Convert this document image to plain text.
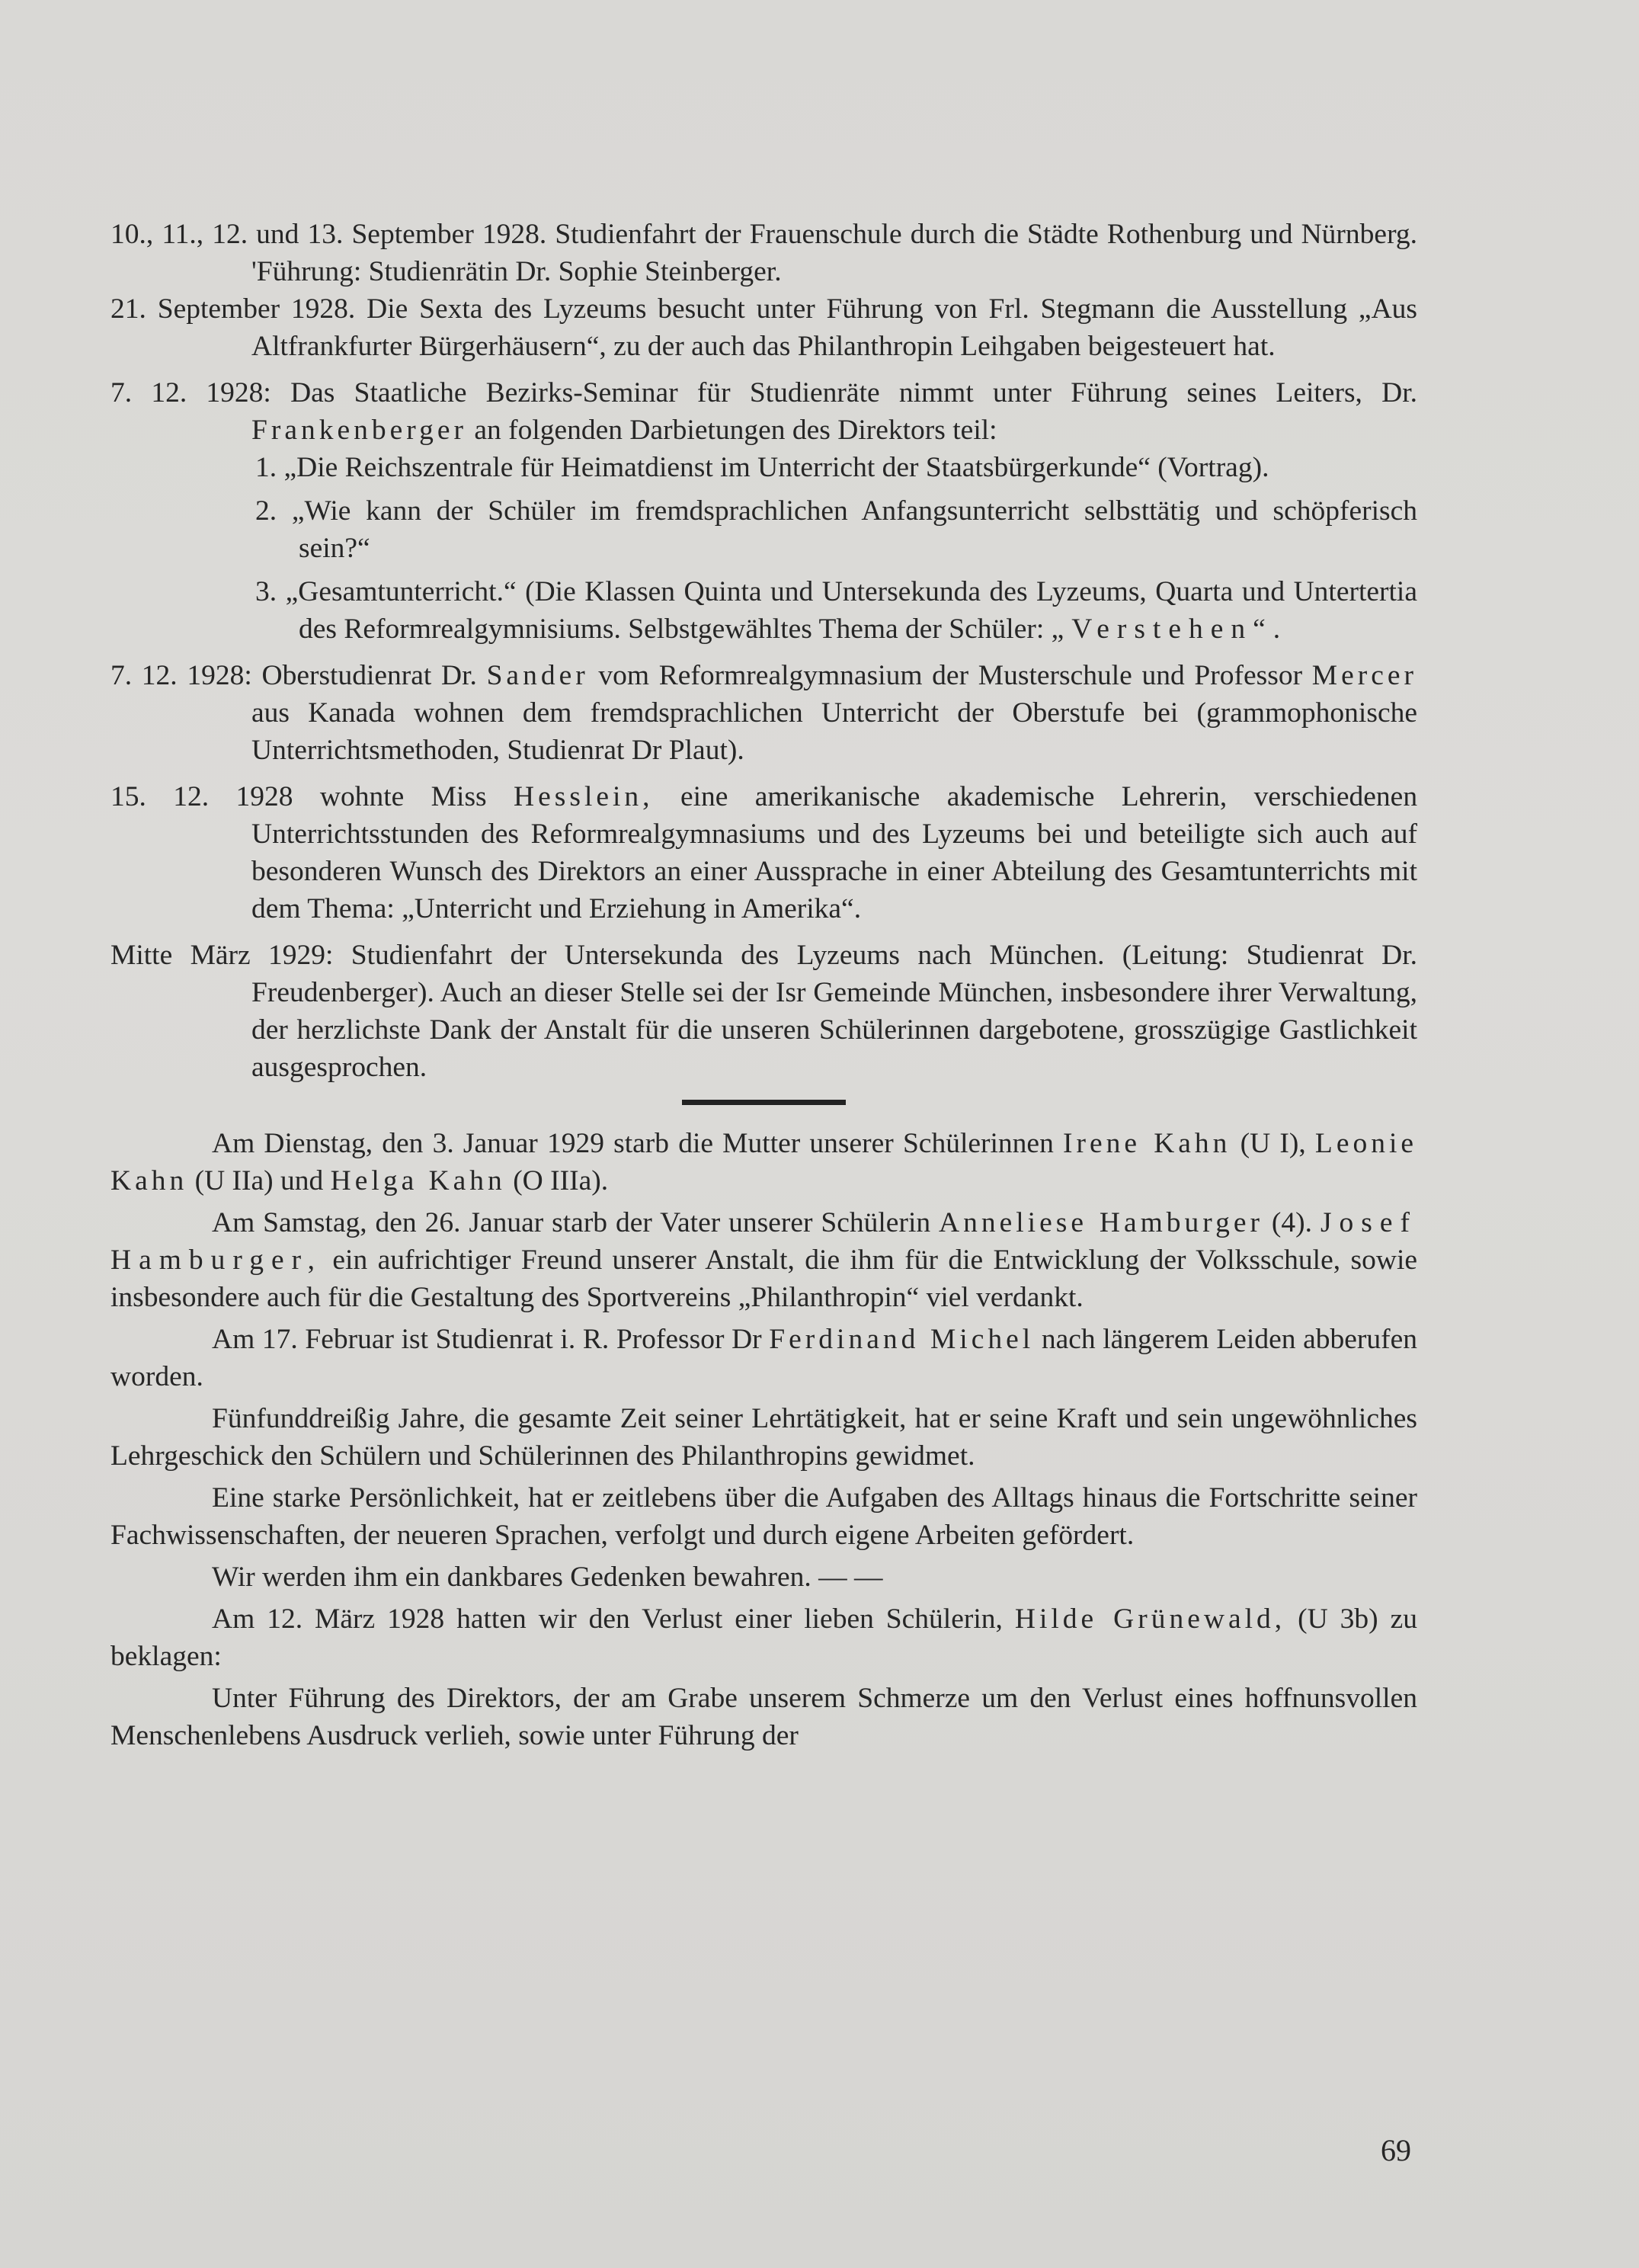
10., 11., 12. und 13. September 1928. Studienfahrt der Frauenschule durch die Städte Rothenburg und Nürnberg. 'Führung: Studienrätin Dr. Sophie Steinberger.
21. September 1928. Die Sexta des Lyzeums besucht unter Führung von Frl. Stegmann die Ausstellung „Aus Altfrankfurter Bürgerhäusern“, zu der auch das Philanthropin Leihgaben beigesteuert hat.
7. 12. 1928: Das Staatliche Bezirks-Seminar für Studienräte nimmt unter Führung seines Leiters, Dr. Frankenberger an folgenden Darbietungen des Direktors teil:
1. „Die Reichszentrale für Heimatdienst im Unterricht der Staatsbürgerkunde“ (Vortrag).
2. „Wie kann der Schüler im fremdsprachlichen Anfangsunterricht selbsttätig und schöpferisch sein?“
3. „Gesamtunterricht.“ (Die Klassen Quinta und Untersekunda des Lyzeums, Quarta und Untertertia des Reformrealgymnisiums. Selbstgewähltes Thema der Schüler: „Verstehen“.
7. 12. 1928: Oberstudienrat Dr. Sander vom Reformrealgymnasium der Musterschule und Professor Mercer aus Kanada wohnen dem fremdsprachlichen Unterricht der Oberstufe bei (grammophonische Unterrichtsmethoden, Studienrat Dr Plaut).
15. 12. 1928 wohnte Miss Hesslein, eine amerikanische akademische Lehrerin, verschiedenen Unterrichtsstunden des Reformrealgymnasiums und des Lyzeums bei und beteiligte sich auch auf besonderen Wunsch des Direktors an einer Aussprache in einer Abteilung des Gesamtunterrichts mit dem Thema: „Unterricht und Erziehung in Amerika“.
Mitte März 1929: Studienfahrt der Untersekunda des Lyzeums nach München. (Leitung: Studienrat Dr. Freudenberger). Auch an dieser Stelle sei der Isr Gemeinde München, insbesondere ihrer Verwaltung, der herzlichste Dank der Anstalt für die unseren Schülerinnen dargebotene, grosszügige Gastlichkeit ausgesprochen.

Am Dienstag, den 3. Januar 1929 starb die Mutter unserer Schülerinnen Irene Kahn (U I), Leonie Kahn (U IIa) und Helga Kahn (O IIIa).

Am Samstag, den 26. Januar starb der Vater unserer Schülerin Anneliese Hamburger (4). Josef Hamburger, ein aufrichtiger Freund unserer Anstalt, die ihm für die Entwicklung der Volksschule, sowie insbesondere auch für die Gestaltung des Sportvereins „Philanthropin“ viel verdankt.

Am 17. Februar ist Studienrat i. R. Professor Dr Ferdinand Michel nach längerem Leiden abberufen worden.

Fünfunddreißig Jahre, die gesamte Zeit seiner Lehrtätigkeit, hat er seine Kraft und sein ungewöhnliches Lehrgeschick den Schülern und Schülerinnen des Philanthropins gewidmet.

Eine starke Persönlichkeit, hat er zeitlebens über die Aufgaben des Alltags hinaus die Fortschritte seiner Fachwissenschaften, der neueren Sprachen, verfolgt und durch eigene Arbeiten gefördert.

Wir werden ihm ein dankbares Gedenken bewahren. — —

Am 12. März 1928 hatten wir den Verlust einer lieben Schülerin, Hilde Grünewald, (U 3b) zu beklagen:

Unter Führung des Direktors, der am Grabe unserem Schmerze um den Verlust eines hoffnunsvollen Menschenlebens Ausdruck verlieh, sowie unter Führung der

69
